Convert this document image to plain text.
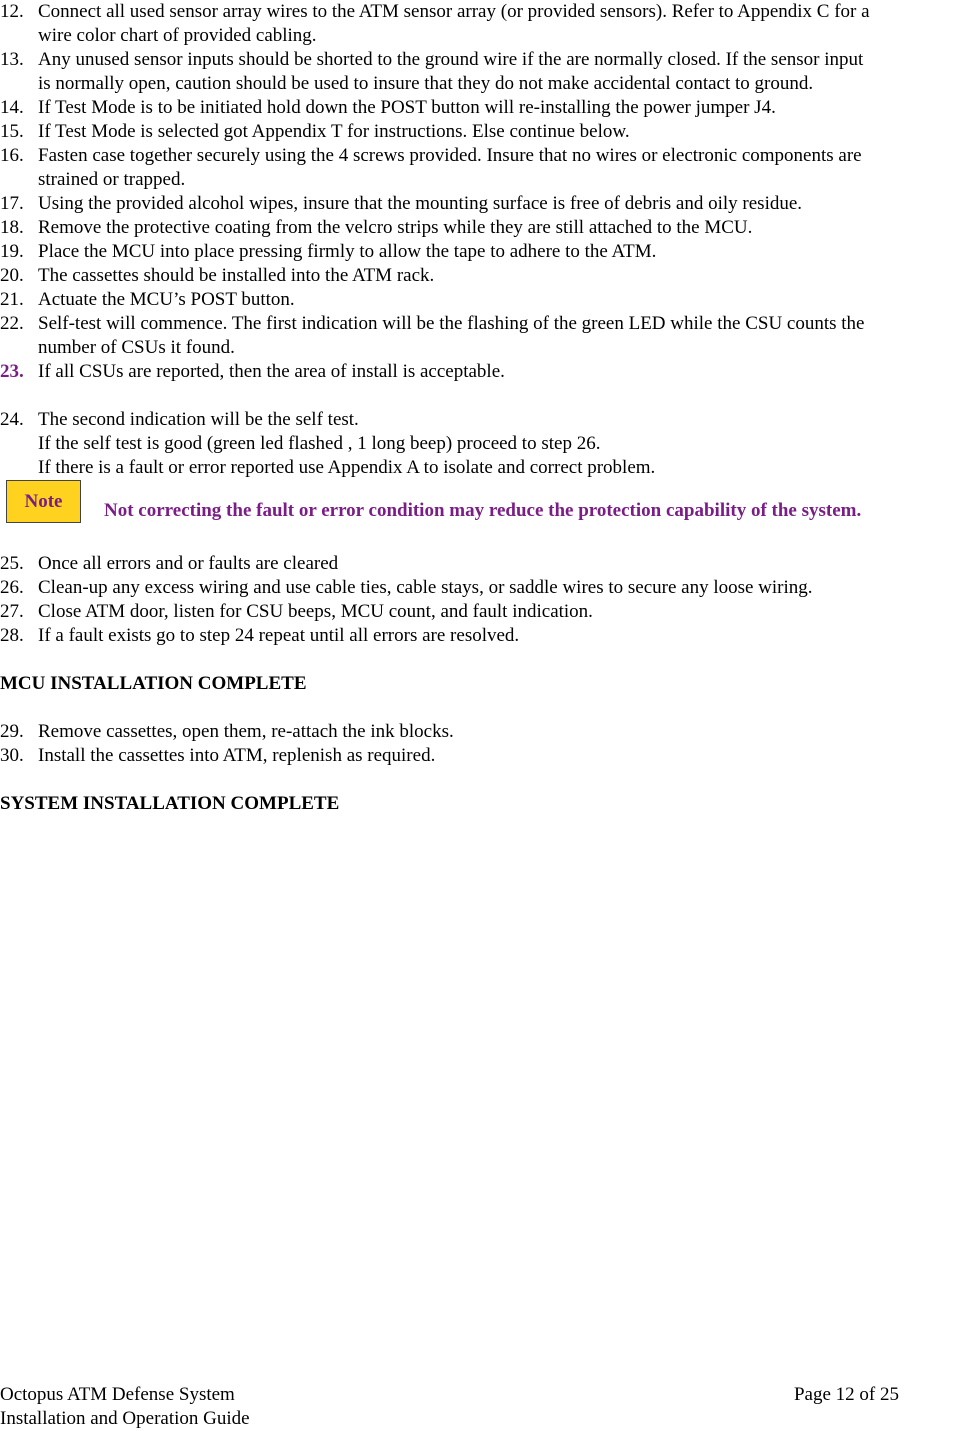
12. Connect all used sensor array wires to the ATM sensor array (or provided sensors). Refer to Appendix C for a
wire color chart of provided cabling.
13. Any unused sensor inputs should be shorted to the ground wire if the are normally closed. If the sensor input
is normally open, caution should be used to insure that they do not make accidental contact to ground.
14. If Test Mode is to be initiated hold down the POST button will re-installing the power jumper J4.
15. If Test Mode is selected got Appendix T for instructions. Else continue below.
16. Fasten case together securely using the 4 screws provided. Insure that no wires or electronic components are
strained or trapped.
17. Using the provided alcohol wipes, insure that the mounting surface is free of debris and oily residue.
18. Remove the protective coating from the velcro strips while they are still attached to the MCU.
19. Place the MCU into place pressing firmly to allow the tape to adhere to the ATM.
20. The cassettes should be installed into the ATM rack.
21. Actuate the MCU’s POST button.
22. Self-test will commence. The first indication will be the flashing of the green LED while the CSU counts the
number of CSUs it found.
23. If all CSUs are reported, then the area of install is acceptable.
24. The second indication will be the self test.
If the self test is good (green led flashed , 1 long beep) proceed to step 26.
If there is a fault or error reported use Appendix A to isolate and correct problem.
Note	Not correcting the fault or error condition may reduce the protection capability of the system.
25. Once all errors and or faults are cleared
26. Clean-up any excess wiring and use cable ties, cable stays, or saddle wires to secure any loose wiring.
27. Close ATM door, listen for CSU beeps, MCU count, and fault indication.
28. If a fault exists go to step 24 repeat until all errors are resolved.
MCU INSTALLATION COMPLETE
29. Remove cassettes, open them, re-attach the ink blocks.
30. Install the cassettes into ATM, replenish as required.
SYSTEM INSTALLATION COMPLETE
Octopus ATM Defense System	Page 12 of 25
Installation and Operation Guide
